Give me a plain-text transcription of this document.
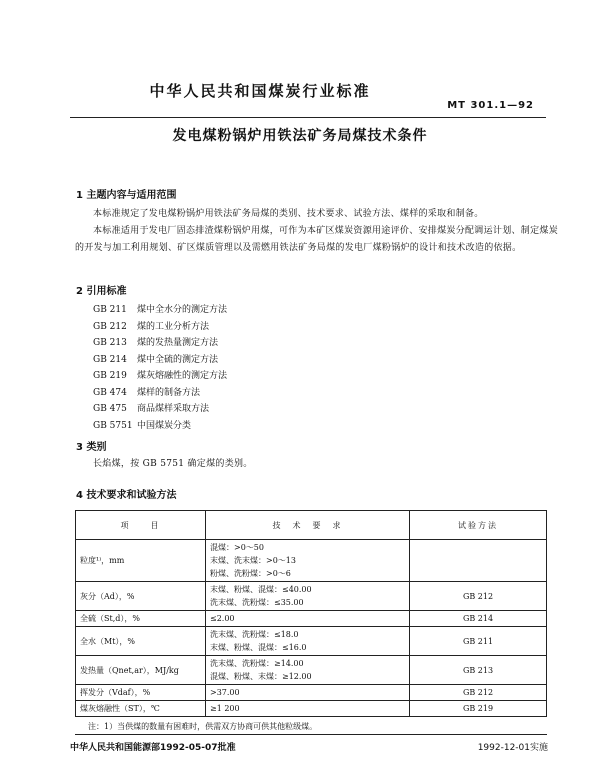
中华人民共和国煤炭行业标准
MT 301.1—92
发电煤粉锅炉用铁法矿务局煤技术条件
1 主题内容与适用范围
本标准规定了发电煤粉锅炉用铁法矿务局煤的类别、技术要求、试验方法、煤样的采取和制备。
本标准适用于发电厂固态排渣煤粉锅炉用煤，可作为本矿区煤炭资源用途评价、安排煤炭分配调运计划、制定煤炭的开发与加工利用规划、矿区煤质管理以及需燃用铁法矿务局煤的发电厂煤粉锅炉的设计和技术改造的依据。
2 引用标准
GB 211 煤中全水分的测定方法
GB 212 煤的工业分析方法
GB 213 煤的发热量测定方法
GB 214 煤中全硫的测定方法
GB 219 煤灰熔融性的测定方法
GB 474 煤样的制备方法
GB 475 商品煤样采取方法
GB 5751 中国煤炭分类
3 类别
长焰煤，按 GB 5751 确定煤的类别。
4 技术要求和试验方法
项　　目	技　术　要　求	试验方法
粒度¹⁾，mm	混煤：>0～50
末煤、洗末煤：>0～13
粉煤、洗粉煤：>0～6	

灰分（Ad），%	末煤、粉煤、混煤：≤40.00
洗末煤、洗粉煤：≤35.00	GB 212
全硫（St,d），%	≤2.00	GB 214
全水（Mt），%	洗末煤、洗粉煤：≤18.0
末煤、粉煤、混煤：≤16.0	GB 211
发热量（Qnet,ar），MJ/kg	洗末煤、洗粉煤：≥14.00
混煤、粉煤、末煤：≥12.00	GB 213
挥发分（Vdaf），%	>37.00	GB 212
煤灰熔融性（ST），℃	≥1 200	GB 219
注：1）当供煤的数量有困难时，供需双方协商可供其他粒级煤。
中华人民共和国能源部1992-05-07批准	1992-12-01实施
